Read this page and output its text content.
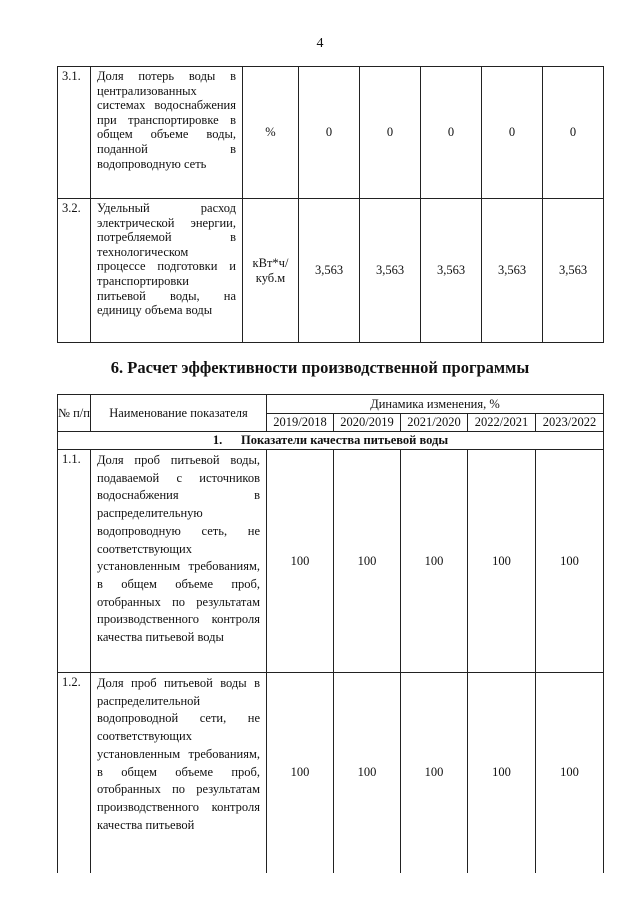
4
3.1.	Доля потерь воды в централизованных системах водоснабжения при транспортировке в общем объеме воды, поданной в водопроводную сеть	%	0	0	0	0	0
3.2.	Удельный расход электрической энергии, потребляемой в технологическом процессе подготовки и транспортировки питьевой воды, на единицу объема воды	кВт*ч/ куб.м	3,563	3,563	3,563	3,563	3,563
6. Расчет эффективности производственной программы
№ п/п	Наименование показателя	Динамика изменения, %				
		2019/2018	2020/2019	2021/2020	2022/2021	2023/2022
1.      Показатели качества питьевой воды						
1.1.	Доля проб питьевой воды, подаваемой с источников водоснабжения в распределительную водопроводную сеть, не соответствующих установленным требованиям, в общем объеме проб, отобранных по результатам производственного контроля качества питьевой воды	100	100	100	100	100
1.2.	Доля проб питьевой воды в распределительной водопроводной сети, не соответствующих установленным требованиям, в общем объеме проб, отобранных по результатам производственного контроля качества питьевой	100	100	100	100	100
